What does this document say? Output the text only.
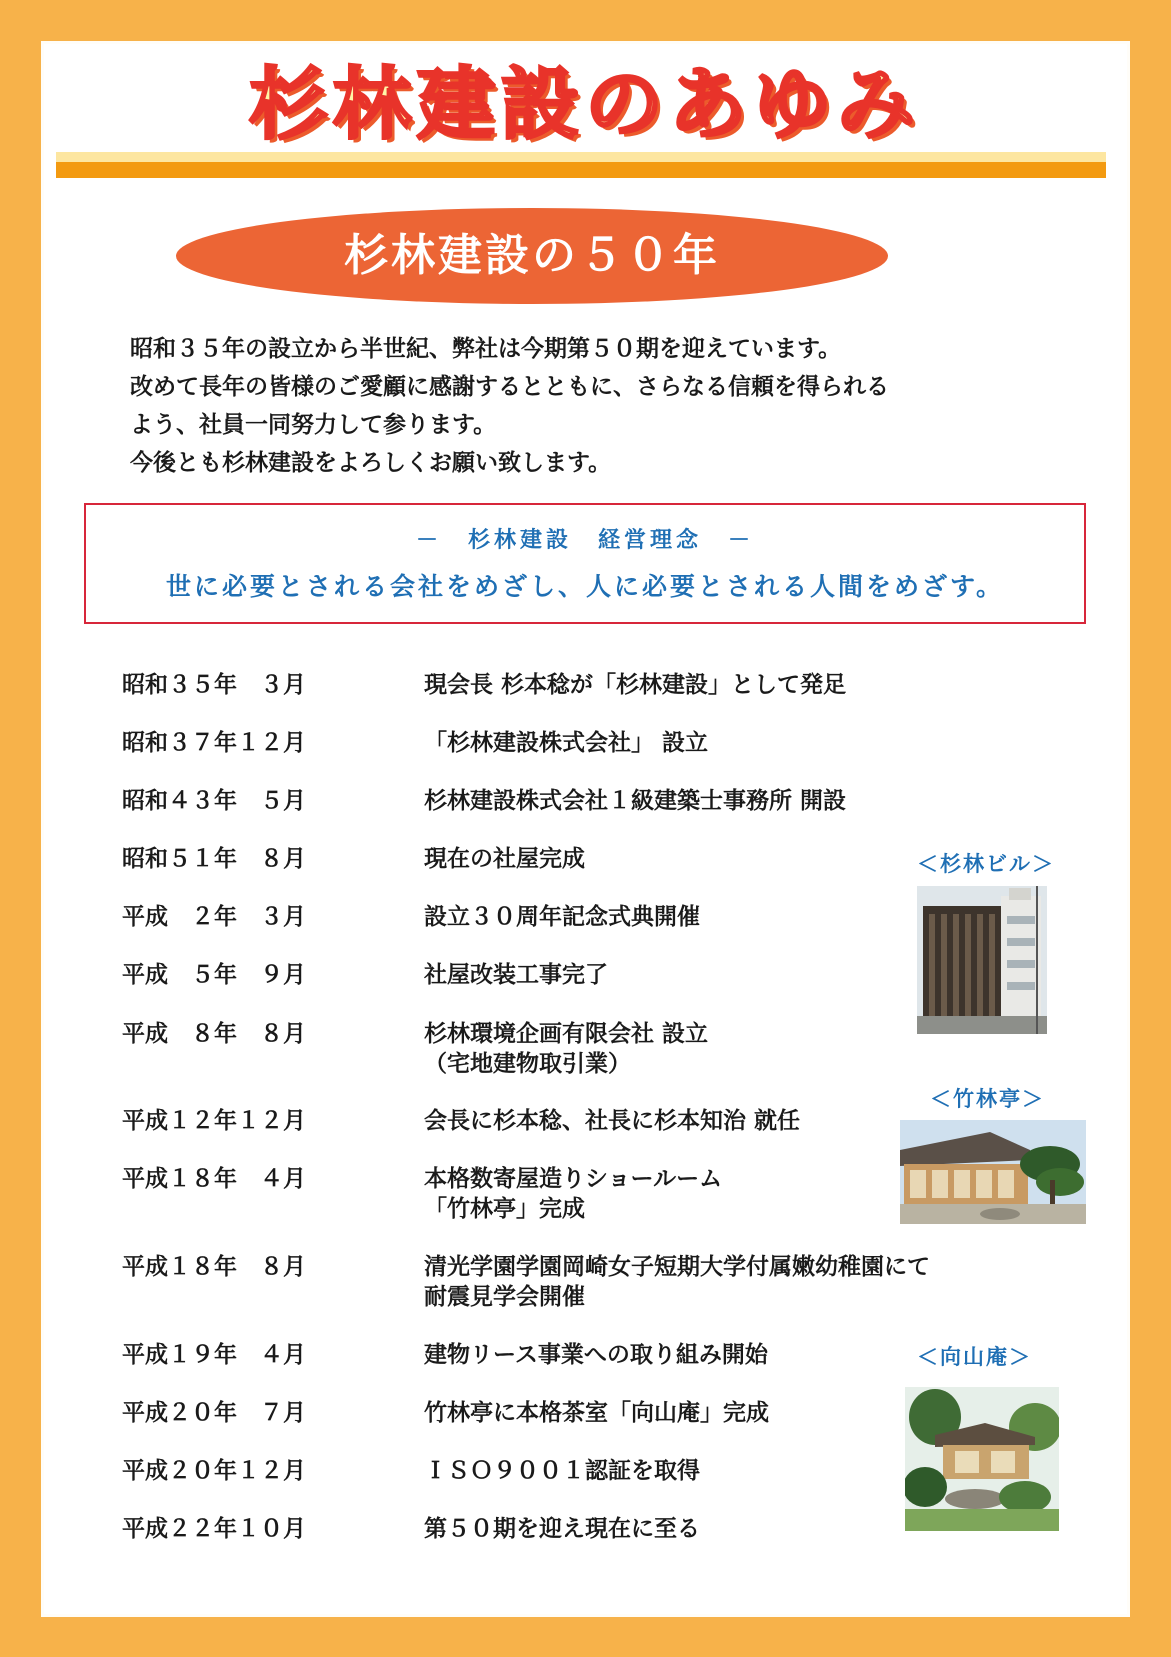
杉林建設のあゆみ
杉林建設の５０年
昭和３５年の設立から半世紀、弊社は今期第５０期を迎えています。
改めて長年の皆様のご愛顧に感謝するとともに、さらなる信頼を得られる
よう、社員一同努力して参ります。
今後とも杉林建設をよろしくお願い致します。
－　杉林建設　経営理念　－
世に必要とされる会社をめざし、人に必要とされる人間をめざす。
昭和３５年　３月	現会長 杉本稔が「杉林建設」として発足
昭和３７年１２月	「杉林建設株式会社」 設立
昭和４３年　５月	杉林建設株式会社１級建築士事務所 開設
昭和５１年　８月	現在の社屋完成
平成　２年　３月	設立３０周年記念式典開催
平成　５年　９月	社屋改装工事完了
平成　８年　８月	杉林環境企画有限会社 設立
（宅地建物取引業）
平成１２年１２月	会長に杉本稔、社長に杉本知治 就任
平成１８年　４月	本格数寄屋造りショールーム
「竹林亭」完成
平成１８年　８月	清光学園学園岡崎女子短期大学付属嫩幼稚園にて
耐震見学会開催
平成１９年　４月	建物リース事業への取り組み開始
平成２０年　７月	竹林亭に本格茶室「向山庵」完成
平成２０年１２月	ＩＳＯ９００１認証を取得
平成２２年１０月	第５０期を迎え現在に至る
＜杉林ビル＞
＜竹林亭＞
＜向山庵＞
